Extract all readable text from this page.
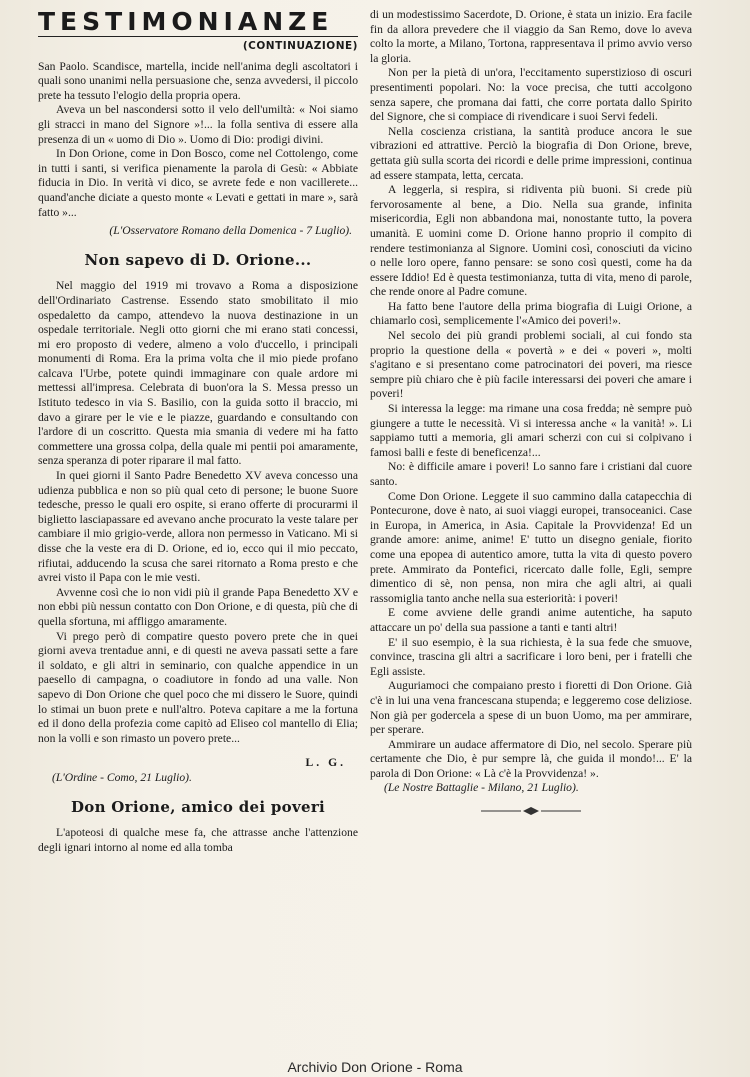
TESTIMONIANZE
(CONTINUAZIONE)

San Paolo. Scandisce, martella, incide nell'anima degli ascoltatori i quali sono unanimi nella persuasione che, senza avvedersi, il piccolo prete ha tessuto l'elogio della propria opera.

Aveva un bel nascondersi sotto il velo dell'umiltà: « Noi siamo gli stracci in mano del Signore »!... la folla sentiva di essere alla presenza di un « uomo di Dio ». Uomo di Dio: prodigi divini.

In Don Orione, come in Don Bosco, come nel Cottolengo, come in tutti i santi, si verifica pienamente la parola di Gesù: « Abbiate fiducia in Dio. In verità vi dico, se avrete fede e non vacillerete... quand'anche diciate a questo monte « Levati e gettati in mare », sarà fatto »...

(L'Osservatore Romano della Domenica - 7 Luglio).

Non sapevo di D. Orione...

Nel maggio del 1919 mi trovavo a Roma a disposizione dell'Ordinariato Castrense. Essendo stato smobilitato il mio ospedaletto da campo, attendevo la nuova destinazione in un ospedale territoriale. Negli otto giorni che mi erano stati concessi, mi ero proposto di vedere, almeno a volo d'uccello, i principali monumenti di Roma. Era la prima volta che il mio piede profano calcava l'Urbe, potete quindi immaginare con quale ardore mi mettessi all'impresa. Celebrata di buon'ora la S. Messa presso un Istituto tedesco in via S. Basilio, con la guida sotto il braccio, mi davo a girare per le vie e le piazze, guardando e consultando con l'ardore di un coscritto. Questa mia smania di vedere mi ha fatto commettere una grossa colpa, della quale mi pentii poi amaramente, senza speranza di poter riparare il mal fatto.

In quei giorni il Santo Padre Benedetto XV aveva concesso una udienza pubblica e non so più qual ceto di persone; le buone Suore tedesche, presso le quali ero ospite, si erano offerte di procurarmi il biglietto lasciapassare ed avevano anche procurato la veste talare per cambiare il mio grigio-verde, allora non permesso in Vaticano. Mi si disse che la veste era di D. Orione, ed io, ecco qui il mio peccato, rifiutai, adducendo la scusa che sarei ritornato a Roma presto e che avrei visto il Papa con le mie vesti.

Avvenne così che io non vidi più il grande Papa Benedetto XV e non ebbi più nessun contatto con Don Orione, e di questa, più che di quella sfortuna, mi affliggo amaramente.

Vi prego però di compatire questo povero prete che in quei giorni aveva trentadue anni, e di questi ne aveva passati sette a fare il soldato, e gli altri in seminario, con qualche appendice in un paesello di campagna, o coadiutore in fondo ad una valle. Non sapevo di Don Orione che quel poco che mi dissero le Suore, quindi lo stimai un buon prete e null'altro. Poteva capitare a me la fortuna ed il dono della profezia come capitò ad Eliseo col mantello di Elia; non la volli e son rimasto un povero prete...

L. G.

(L'Ordine - Como, 21 Luglio).

Don Orione, amico dei poveri

L'apoteosi di qualche mese fa, che attrasse anche l'attenzione degli ignari intorno al nome ed alla tomba

di un modestissimo Sacerdote, D. Orione, è stata un inizio. Era facile fin da allora prevedere che il viaggio da San Remo, dove lo aveva colto la morte, a Milano, Tortona, rappresentava il primo avvio verso la gloria.

Non per la pietà di un'ora, l'eccitamento superstizioso di oscuri presentimenti popolari. No: la voce precisa, che tutti accolgono senza sapere, che promana dai fatti, che corre portata dallo Spirito del Signore, che si compiace di rivendicare i suoi Servi fedeli.

Nella coscienza cristiana, la santità produce ancora le sue vibrazioni ed attrattive. Perciò la biografia di Don Orione, breve, gettata giù sulla scorta dei ricordi e delle prime impressioni, continua ad essere stampata, letta, cercata.

A leggerla, si respira, si ridiventa più buoni. Si crede più fervorosamente al bene, a Dio. Nella sua grande, infinita misericordia, Egli non abbandona mai, nonostante tutto, la povera umanità. E uomini come D. Orione hanno proprio il compito di rendere testimonianza al Signore. Uomini così, conosciuti da vicino o nelle loro opere, fanno pensare: se sono così questi, come ha da essere Iddio! Ed è questa testimonianza, tutta di vita, meno di parole, che rende onore al Padre comune.

Ha fatto bene l'autore della prima biografia di Luigi Orione, a chiamarlo così, semplicemente l'«Amico dei poveri!».

Nel secolo dei più grandi problemi sociali, al cui fondo sta proprio la questione della « povertà » e dei « poveri », molti s'agitano e si presentano come patrocinatori dei poveri, ma riesce sempre più chiaro che è più facile interessarsi dei poveri che amare i poveri!

Si interessa la legge: ma rimane una cosa fredda; nè sempre può giungere a tutte le necessità. Vi si interessa anche « la vanità! ». Li sappiamo tutti a memoria, gli amari scherzi con cui si colpivano i famosi balli e feste di beneficenza!...

No: è difficile amare i poveri! Lo sanno fare i cristiani dal cuore santo.

Come Don Orione. Leggete il suo cammino dalla catapecchia di Pontecurone, dove è nato, ai suoi viaggi europei, transoceanici. Case in Europa, in America, in Asia. Capitale la Provvidenza! Ed un grande amore: anime, anime! E' tutto un disegno geniale, fiorito come una epopea di autentico amore, tutta la vita di questo povero prete. Ammirato da Pontefici, ricercato dalle folle, Egli, sempre dimentico di sè, non pensa, non mira che agli altri, ai quali rassomiglia tanto anche nella sua esteriorità: i poveri!

E come avviene delle grandi anime autentiche, ha saputo attaccare un po' della sua passione a tanti e tanti altri!

E' il suo esempio, è la sua richiesta, è la sua fede che smuove, convince, trascina gli altri a sacrificare i loro beni, per i fratelli che Egli assiste.

Auguriamoci che compaiano presto i fioretti di Don Orione. Già c'è in lui una vena francescana stupenda; e leggeremo cose deliziose. Non già per godercela a spese di un buon Uomo, ma per ammirare, per sperare.

Ammirare un audace affermatore di Dio, nel secolo. Sperare più certamente che Dio, è pur sempre là, che guida il mondo!... E' la parola di Don Orione: « Là c'è la Provvidenza! ».

(Le Nostre Battaglie - Milano, 21 Luglio).

Archivio Don Orione - Roma
